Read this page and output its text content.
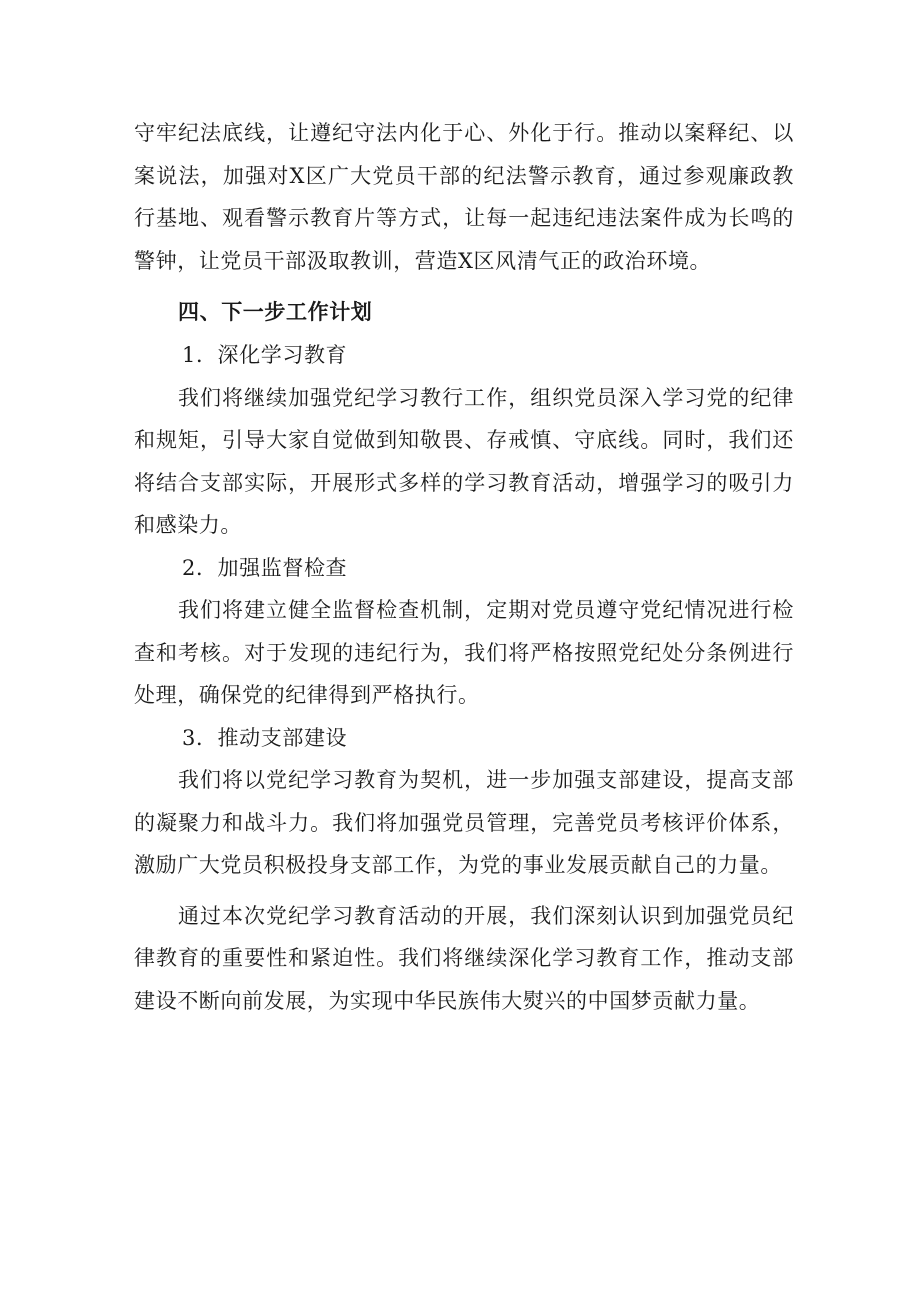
守牢纪法底线，让遵纪守法内化于心、外化于行。推动以案释纪、以案说法，加强对X区广大党员干部的纪法警示教育，通过参观廉政教行基地、观看警示教育片等方式，让每一起违纪违法案件成为长鸣的警钟，让党员干部汲取教训，营造X区风清气正的政治环境。

四、下一步工作计划

1．深化学习教育

我们将继续加强党纪学习教行工作，组织党员深入学习党的纪律和规矩，引导大家自觉做到知敬畏、存戒慎、守底线。同时，我们还将结合支部实际，开展形式多样的学习教育活动，增强学习的吸引力和感染力。

2．加强监督检查

我们将建立健全监督检查机制，定期对党员遵守党纪情况进行检查和考核。对于发现的违纪行为，我们将严格按照党纪处分条例进行处理，确保党的纪律得到严格执行。

3．推动支部建设

我们将以党纪学习教育为契机，进一步加强支部建设，提高支部的凝聚力和战斗力。我们将加强党员管理，完善党员考核评价体系，激励广大党员积极投身支部工作，为党的事业发展贡献自己的力量。

通过本次党纪学习教育活动的开展，我们深刻认识到加强党员纪律教育的重要性和紧迫性。我们将继续深化学习教育工作，推动支部建设不断向前发展，为实现中华民族伟大熨兴的中国梦贡献力量。
